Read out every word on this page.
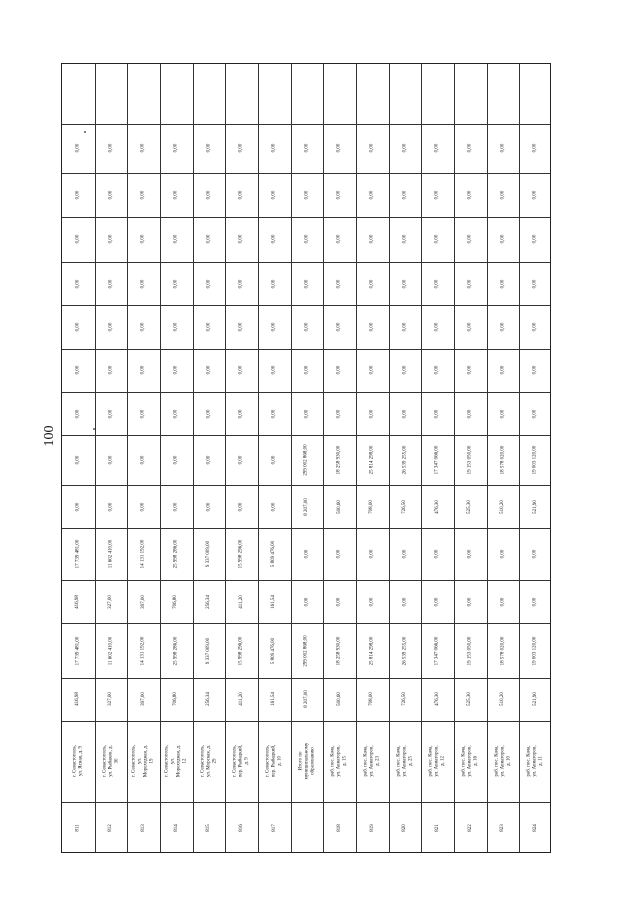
100
811
г. Севастополь, ул. Ясная, д. 9
416,98
17 739 481,00
416,98
17 739 481,00
0,00
0,00
0,00
0,00
0,00
0,00
0,00
0,00
0,00
812
г. Севастополь, ул. Рыбаков, д. 30
327,00
11 602 410,00
327,00
11 602 410,00
0,00
0,00
0,00
0,00
0,00
0,00
0,00
0,00
0,00
813
г. Севастополь, ул. Мореходная, д. 19
397,00
14 131 192,00
397,00
14 131 192,00
0,00
0,00
0,00
0,00
0,00
0,00
0,00
0,00
0,00
814
г. Севастополь, ул. Мореходная, д. 12
706,80
25 998 286,00
706,80
25 998 286,00
0,00
0,00
0,00
0,00
0,00
0,00
0,00
0,00
0,00
815
г. Севастополь, ул. Морская, д. 29
256,34
9 337 009,00
256,34
9 337 009,00
0,00
0,00
0,00
0,00
0,00
0,00
0,00
0,00
0,00
816
г. Севастополь, пер. Рыбацкий, д. 9
411,20
15 998 296,00
411,20
15 998 296,00
0,00
0,00
0,00
0,00
0,00
0,00
0,00
0,00
0,00
817
г. Севастополь, пер. Рыбацкий, д. 10
161,54
5 809 476,00
161,54
5 809 476,00
0,00
0,00
0,00
0,00
0,00
0,00
0,00
0,00
0,00
Итого по муниципальному образованию
8 207,00
299 002 868,00
0,00
0,00
8 207,00
299 002 868,00
0,00
0,00
0,00
0,00
0,00
0,00
0,00
818
раб. пос. Кача, ул. Авиаторов, д. 15
500,60
18 258 930,00
0,00
0,00
500,60
18 258 930,00
0,00
0,00
0,00
0,00
0,00
0,00
0,00
819
раб. пос. Кача, ул. Авиаторов, д. 23
708,00
25 814 298,00
0,00
0,00
708,00
25 814 298,00
0,00
0,00
0,00
0,00
0,00
0,00
0,00
820
раб. пос. Кача, ул. Авиаторов, д. 25
726,50
26 539 255,00
0,00
0,00
726,50
26 539 255,00
0,00
0,00
0,00
0,00
0,00
0,00
0,00
821
раб. пос. Кача, ул. Авиаторов, д. 12
476,30
17 347 066,00
0,00
0,00
476,30
17 347 066,00
0,00
0,00
0,00
0,00
0,00
0,00
0,00
822
раб. пос. Кача, ул. Авиаторов, д. 16
525,30
19 153 050,00
0,00
0,00
525,30
19 153 050,00
0,00
0,00
0,00
0,00
0,00
0,00
0,00
823
раб. пос. Кача, ул. Авиаторов, д. 10
510,20
18 578 020,00
0,00
0,00
510,20
18 578 020,00
0,00
0,00
0,00
0,00
0,00
0,00
0,00
824
раб. пос. Кача, ул. Авиаторов, д. 11
521,90
19 003 120,00
0,00
0,00
521,90
19 003 120,00
0,00
0,00
0,00
0,00
0,00
0,00
0,00
